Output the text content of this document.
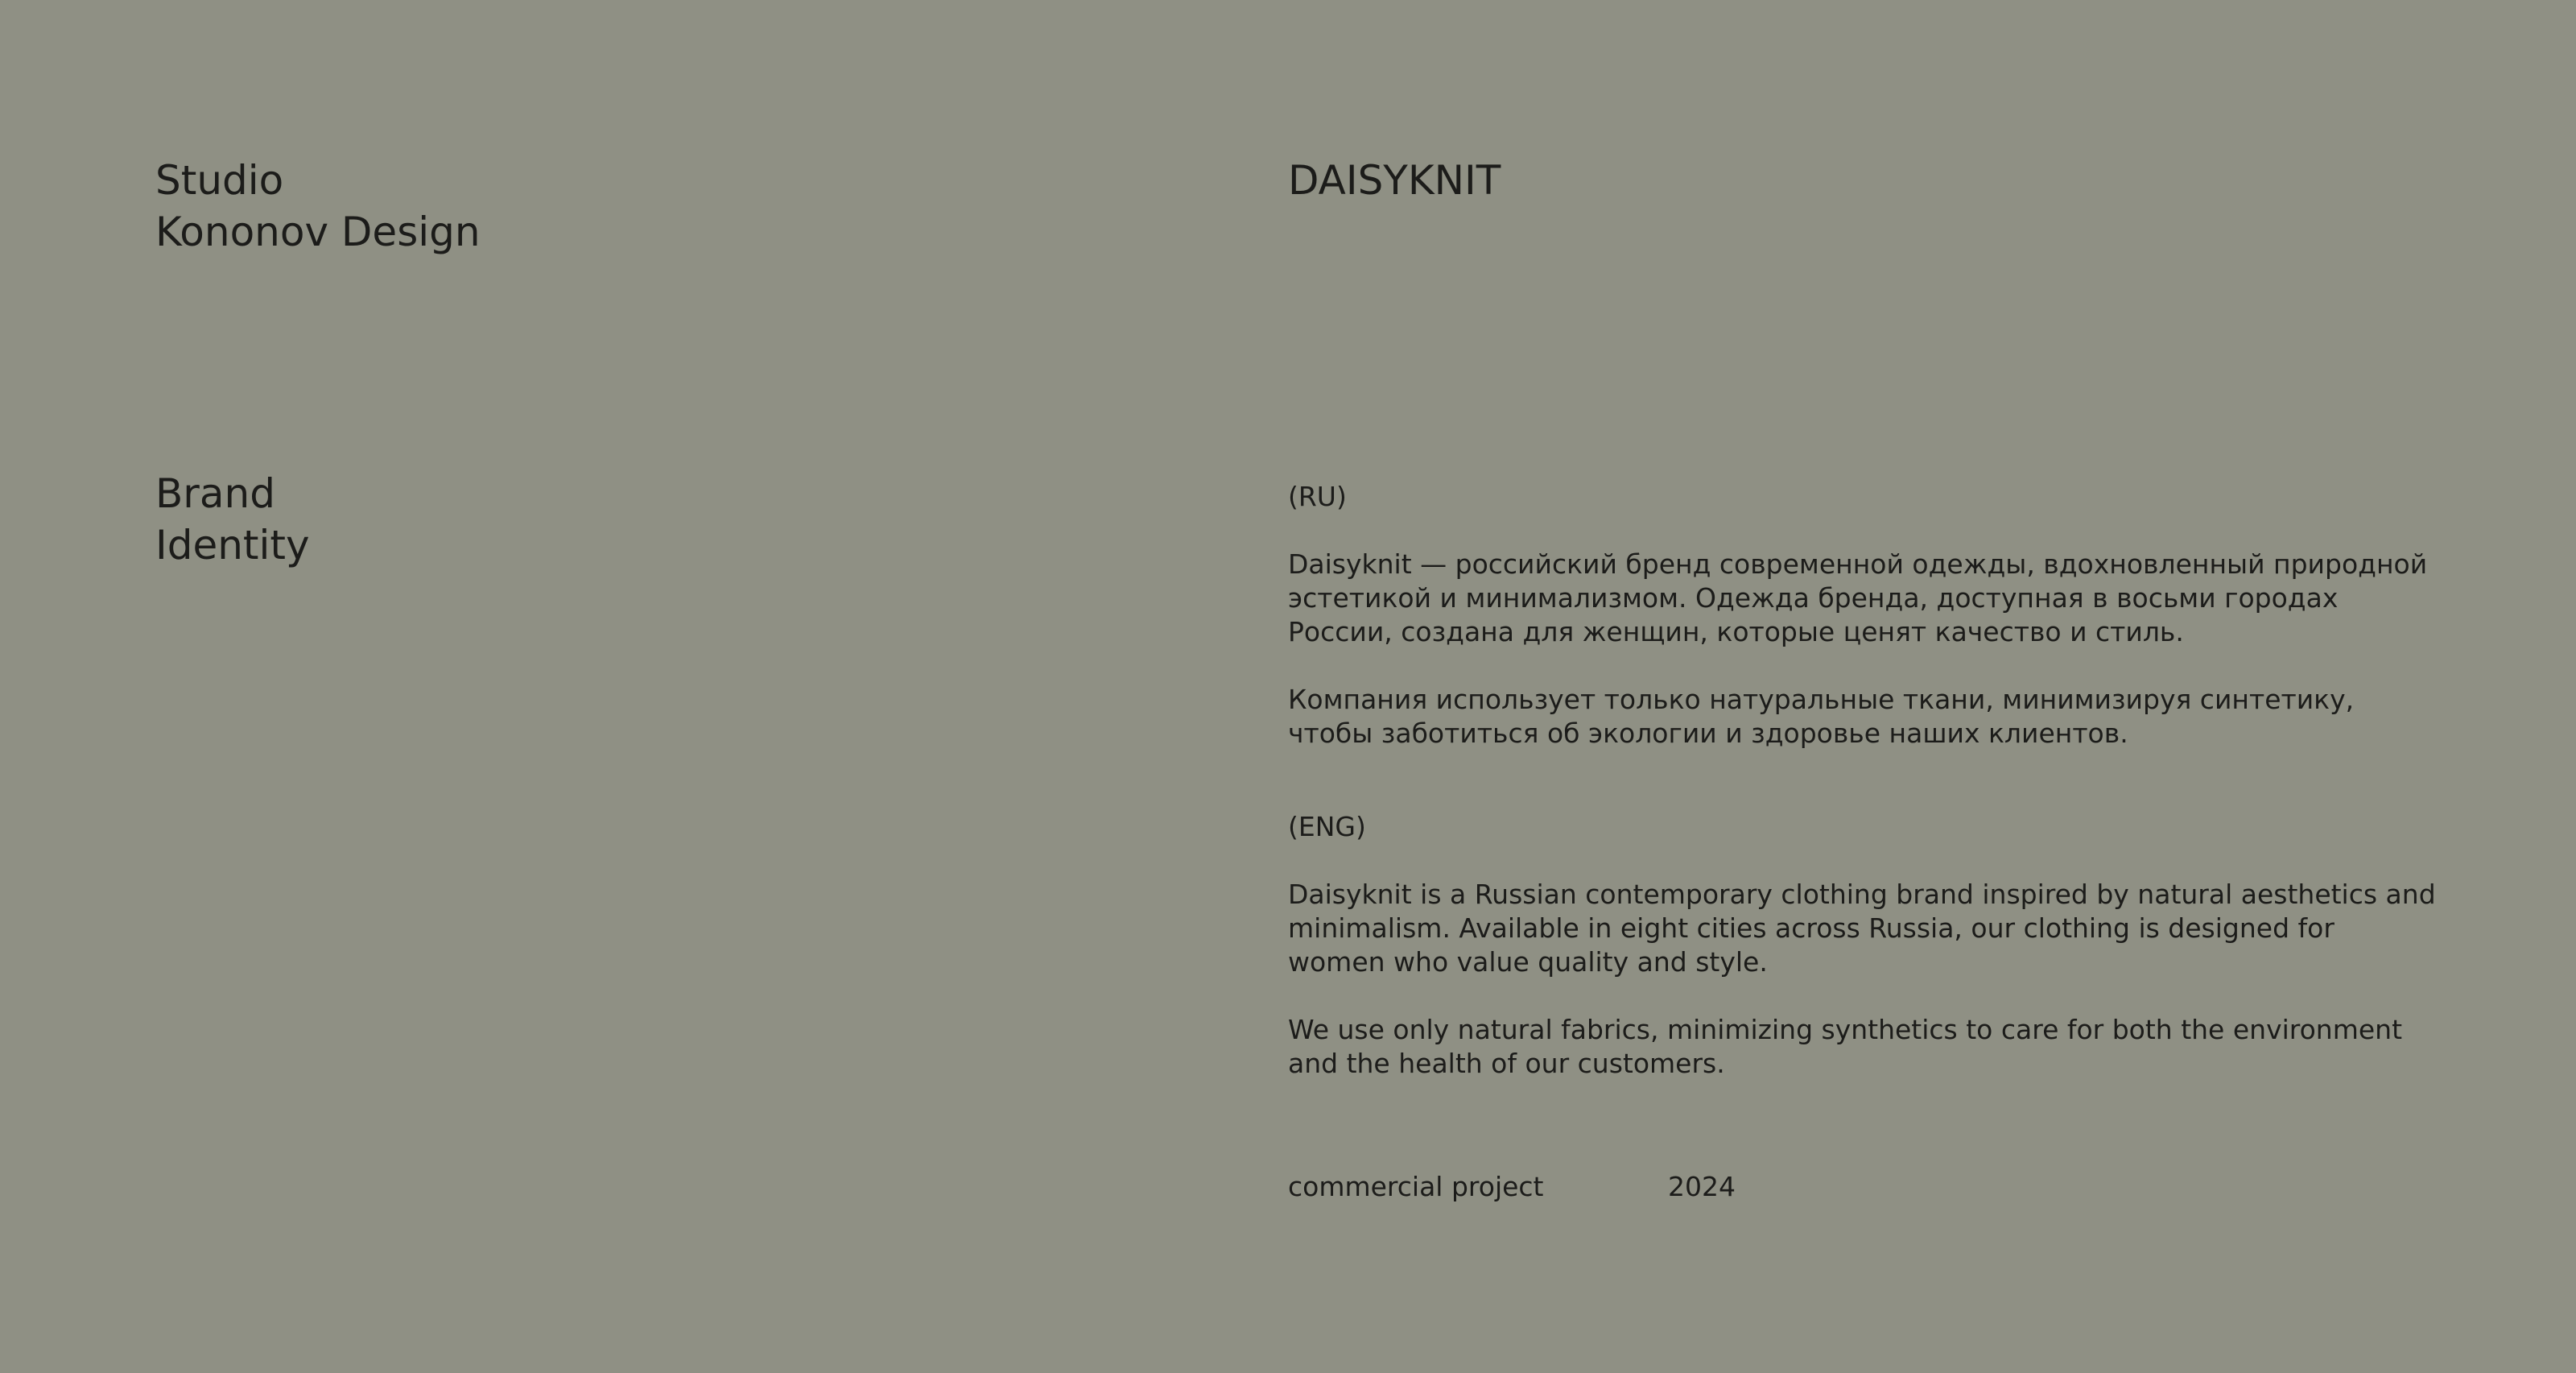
Studio
Kononov Design
Brand
Identity
DAISYKNIT

(RU)

Daisyknit — российский бренд современной одежды, вдохновленный природной эстетикой и минимализмом. Одежда бренда, доступная в восьми городах России, создана для женщин, которые ценят качество и стиль.

Компания использует только натуральные ткани, минимизируя синтетику, чтобы заботиться об экологии и здоровье наших клиентов.

(ENG)

Daisyknit is a Russian contemporary clothing brand inspired by natural aesthetics and minimalism. Available in eight cities across Russia, our clothing is designed for women who value quality and style.

We use only natural fabrics, minimizing synthetics to care for both the environment and the health of our customers.

commercial project	2024
